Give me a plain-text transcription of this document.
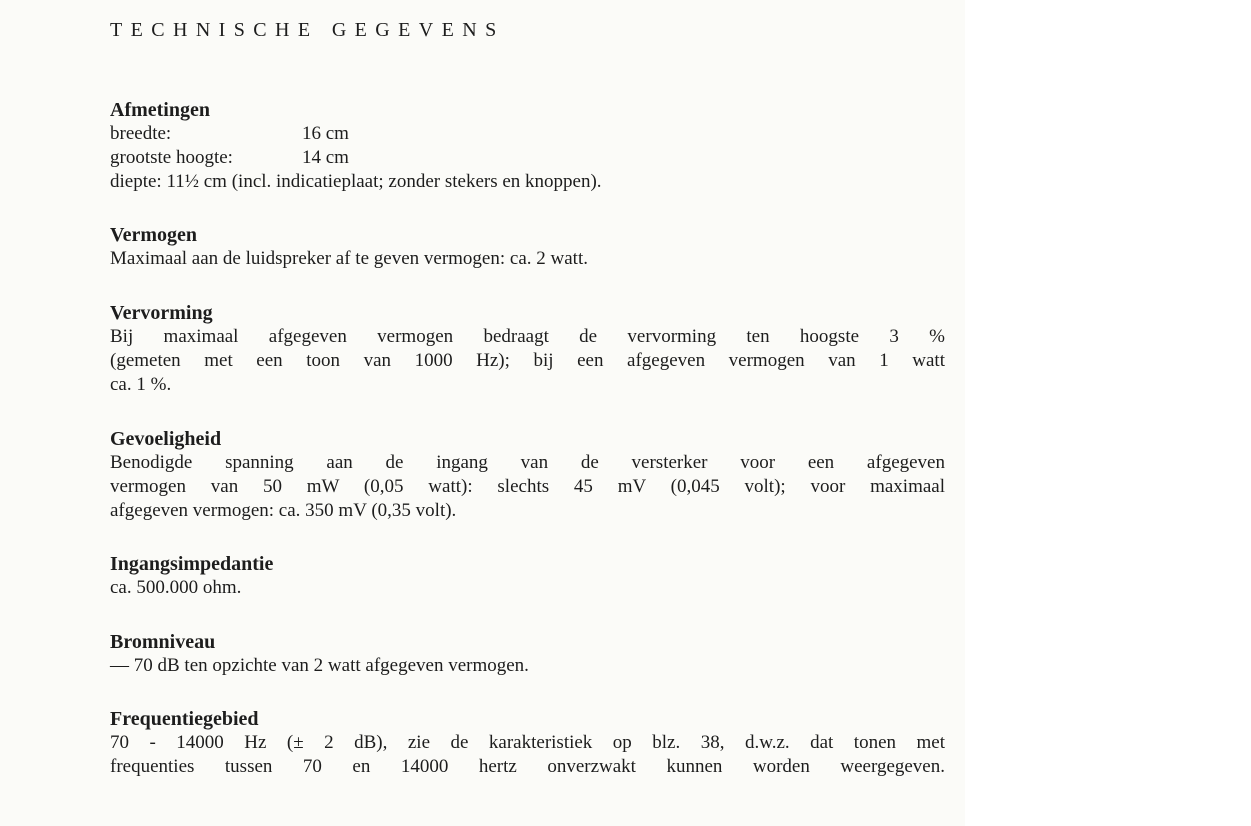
TECHNISCHE GEGEVENS
Afmetingen
breedte:	16 cm
grootste hoogte:	14 cm
diepte: 11½ cm (incl. indicatieplaat; zonder stekers en knoppen).
Vermogen
Maximaal aan de luidspreker af te geven vermogen: ca. 2 watt.
Vervorming
Bij maximaal afgegeven vermogen bedraagt de vervorming ten hoogste 3 %
(gemeten met een toon van 1000 Hz); bij een afgegeven vermogen van 1 watt
ca. 1 %.
Gevoeligheid
Benodigde spanning aan de ingang van de versterker voor een afgegeven
vermogen van 50 mW (0,05 watt): slechts 45 mV (0,045 volt); voor maximaal
afgegeven vermogen: ca. 350 mV (0,35 volt).
Ingangsimpedantie
ca. 500.000 ohm.
Bromniveau
— 70 dB ten opzichte van 2 watt afgegeven vermogen.
Frequentiegebied
70 - 14000 Hz (± 2 dB), zie de karakteristiek op blz. 38, d.w.z. dat tonen met
frequenties tussen 70 en 14000 hertz onverzwakt kunnen worden weergegeven.
